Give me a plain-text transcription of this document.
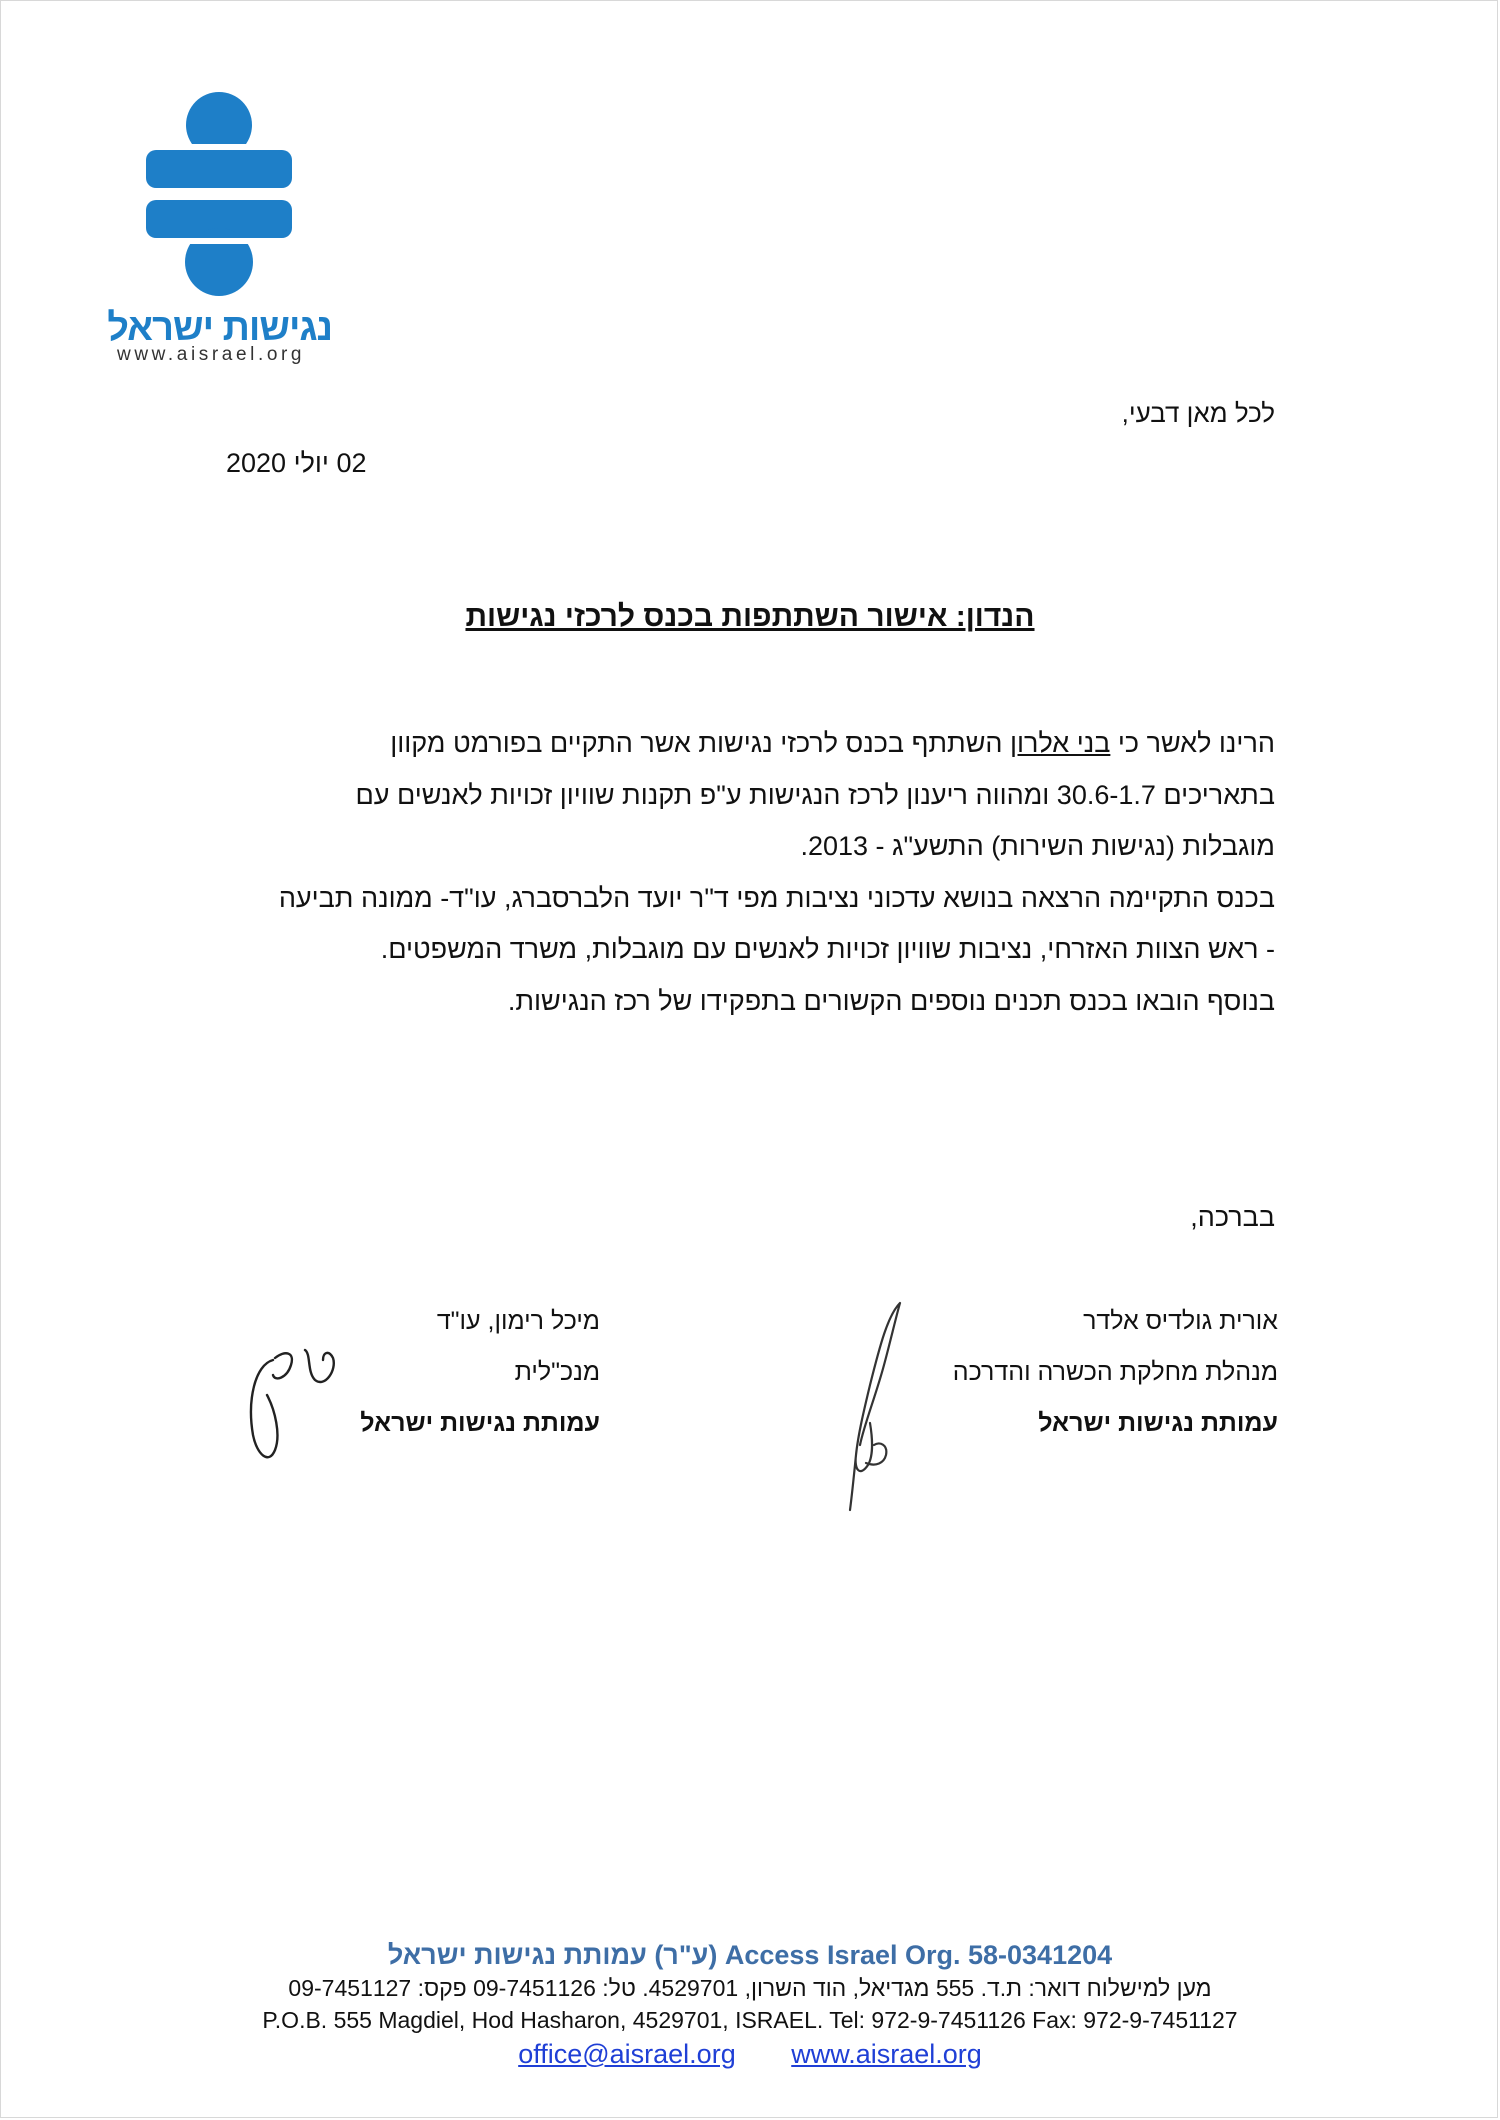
נגישות ישראל
www.aisrael.org
לכל מאן דבעי,
02 יולי 2020
הנדון: אישור השתתפות בכנס לרכזי נגישות

הרינו לאשר כי בני אלרון השתתף בכנס לרכזי נגישות אשר התקיים בפורמט מקוון

בתאריכים 30.6-1.7 ומהווה ריענון לרכז הנגישות ע"פ תקנות שוויון זכויות לאנשים עם

מוגבלות (נגישות השירות) התשע"ג - 2013.

בכנס התקיימה הרצאה בנושא עדכוני נציבות מפי ד"ר יועד הלברסברג, עו"ד- ממונה תביעה

- ראש הצוות האזרחי, נציבות שוויון זכויות לאנשים עם מוגבלות, משרד המשפטים.

בנוסף הובאו בכנס תכנים נוספים הקשורים בתפקידו של רכז הנגישות.

בברכה,
אורית גולדיס אלדר
מנהלת מחלקת הכשרה והדרכה
עמותת נגישות ישראל
מיכל רימון, עו"ד
מנכ"לית
עמותת נגישות ישראל
Access Israel Org. 58-0341204 (ע"ר) עמותת נגישות ישראל
מען למישלוח דואר: ת.ד. 555 מגדיאל, הוד השרון, 4529701. טל: 09-7451126 פקס: 09-7451127
P.O.B. 555 Magdiel, Hod Hasharon, 4529701, ISRAEL. Tel: 972-9-7451126 Fax: 972-9-7451127
office@aisrael.org www.aisrael.org
